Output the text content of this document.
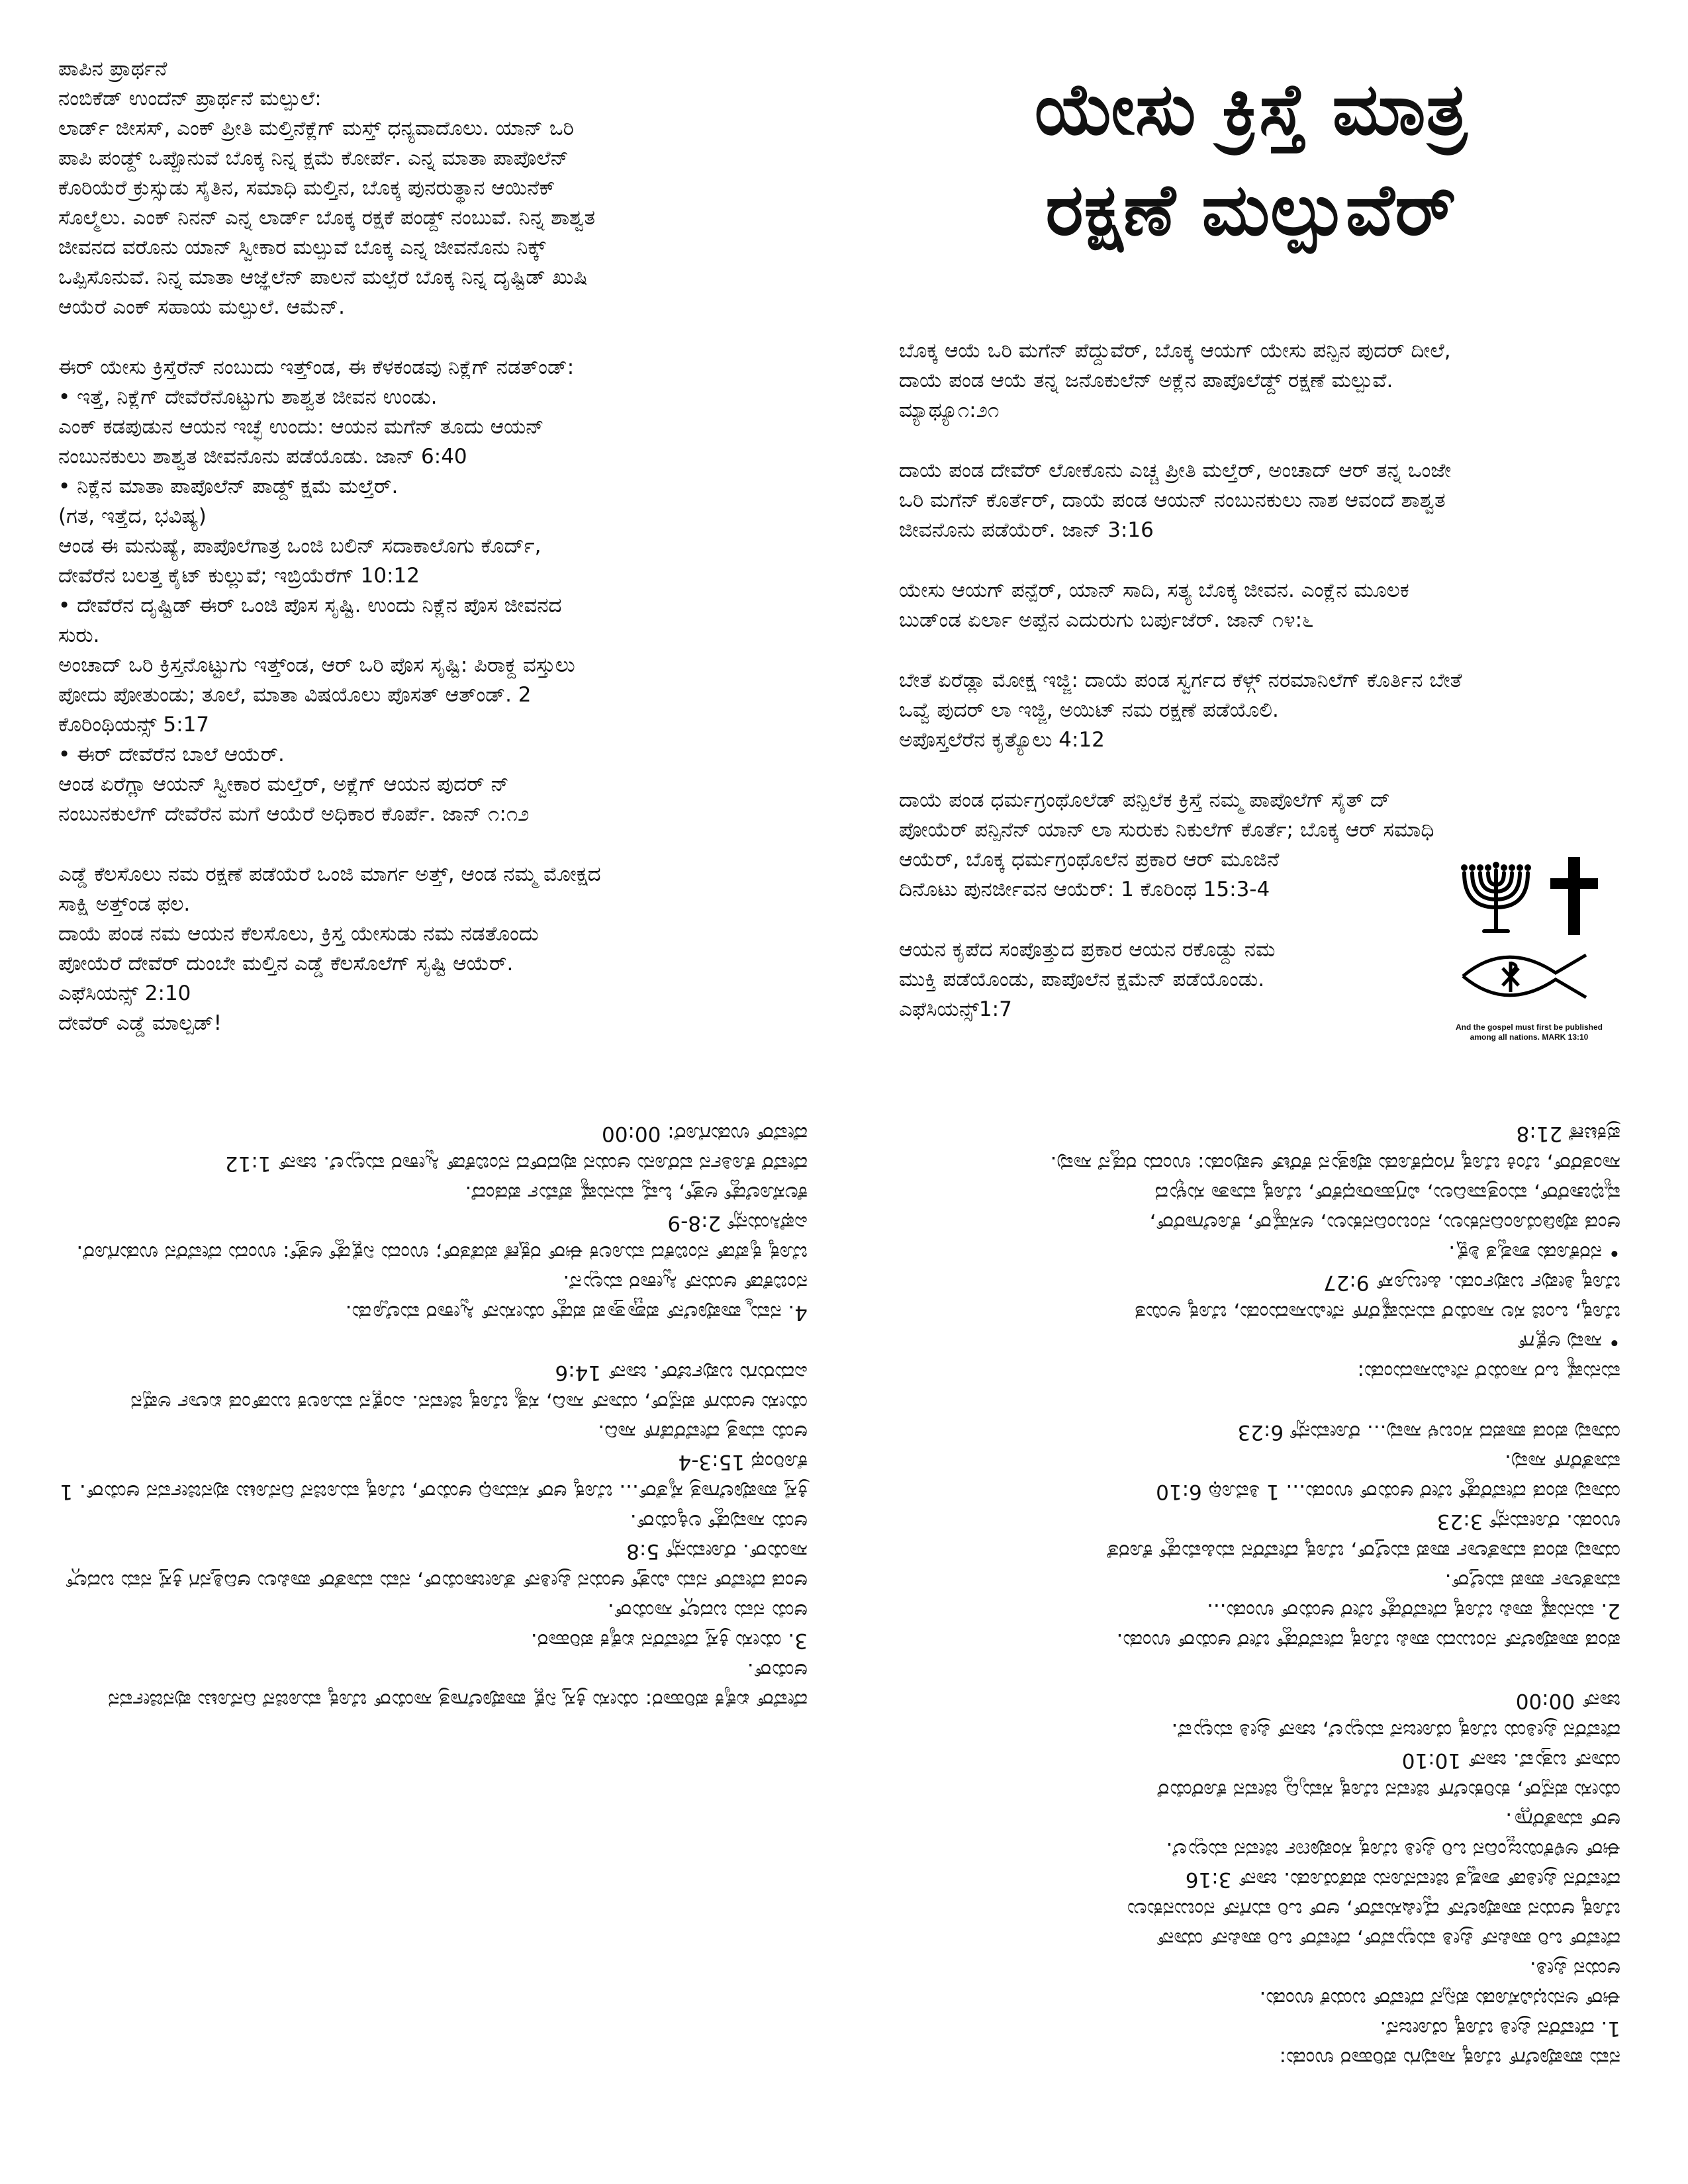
ಪಾಪಿನ ಪ್ರಾರ್ಥನೆ
ನಂಬಿಕೆಡ್ ಉಂದೆನ್ ಪ್ರಾರ್ಥನೆ ಮಲ್ಪುಲೆ:
ಲಾರ್ಡ್ ಜೀಸಸ್, ಎಂಕ್ ಪ್ರೀತಿ ಮಲ್ತಿನೆಕ್ಲೆಗ್ ಮಸ್ತ್ ಧನ್ಯವಾದೊಲು. ಯಾನ್ ಒರಿ
ಪಾಪಿ ಪಂಡ್ದ್ ಒಪ್ಪೊನುವೆ ಬೊಕ್ಕ ನಿನ್ನ ಕ್ಷಮೆ ಕೋರ್ಪೆ. ಎನ್ನ ಮಾತಾ ಪಾಪೊಲೆನ್
ಕೊರಿಯೆರೆ ಕ್ರುಸ್ಸುಡು ಸೈತಿನ, ಸಮಾಧಿ ಮಲ್ತಿನ, ಬೊಕ್ಕ ಪುನರುತ್ಥಾನ ಆಯಿನೆಕ್
ಸೊಲ್ಮೆಲು. ಎಂಕ್ ನಿನನ್ ಎನ್ನ ಲಾರ್ಡ್ ಬೊಕ್ಕ ರಕ್ಷಕೆ ಪಂಡ್ದ್ ನಂಬುವೆ. ನಿನ್ನ ಶಾಶ್ವತ
ಜೀವನದ ವರೊನು ಯಾನ್ ಸ್ವೀಕಾರ ಮಲ್ಪುವೆ ಬೊಕ್ಕ ಎನ್ನ ಜೀವನೊನು ನಿಕ್ಕ್
ಒಪ್ಪಿಸೊನುವೆ. ನಿನ್ನ ಮಾತಾ ಆಜ್ಞೆಲೆನ್ ಪಾಲನೆ ಮಲ್ಪೆರೆ ಬೊಕ್ಕ ನಿನ್ನ ದೃಷ್ಟಿಡ್ ಖುಷಿ
ಆಯೆರೆ ಎಂಕ್ ಸಹಾಯ ಮಲ್ಪುಲೆ. ಆಮೆನ್.

ಈರ್ ಯೇಸು ಕ್ರಿಸ್ತೆರೆನ್ ನಂಬುದು ಇತ್ತ್‌ಂಡ, ಈ ಕೆಳಕಂಡವು ನಿಕ್ಲೆಗ್ ನಡತ್‌ಂಡ್:
• ಇತ್ತೆ, ನಿಕ್ಲೆಗ್ ದೇವೆರೆನೊಟ್ಟುಗು ಶಾಶ್ವತ ಜೀವನ ಉಂಡು.
ಎಂಕ್ ಕಡಪುಡುನ ಆಯನ ಇಚ್ಛೆ ಉಂದು: ಆಯನ ಮಗೆನ್ ತೂದು ಆಯನ್
ನಂಬುನಕುಲು ಶಾಶ್ವತ ಜೀವನೊನು ಪಡೆಯೊಡು. ಜಾನ್ 6:40
• ನಿಕ್ಲೆನ ಮಾತಾ ಪಾಪೊಲೆನ್ ಪಾಡ್ದ್ ಕ್ಷಮೆ ಮಲ್ತೆರ್.
(ಗತ, ಇತ್ತೆದ, ಭವಿಷ್ಯ)
ಆಂಡ ಈ ಮನುಷ್ಯೆ, ಪಾಪೊಲೆಗಾತ್ರ ಒಂಜಿ ಬಲಿನ್ ಸದಾಕಾಲೊಗು ಕೊರ್ದ್,
ದೇವೆರೆನ ಬಲತ್ತ ಕೈಟ್ ಕುಲ್ಲುವೆ; ಇಬ್ರಿಯೆರೆಗ್ 10:12
• ದೇವೆರೆನ ದೃಷ್ಟಿಡ್ ಈರ್ ಒಂಜಿ ಪೊಸ ಸೃಷ್ಟಿ. ಉಂದು ನಿಕ್ಲೆನ ಪೊಸ ಜೀವನದ
ಸುರು.
ಅಂಚಾದ್ ಒರಿ ಕ್ರಿಸ್ತನೊಟ್ಟುಗು ಇತ್ತ್‌ಂಡ, ಆರ್ ಒರಿ ಪೊಸ ಸೃಷ್ಟಿ: ಪಿರಾಕ್ದ ವಸ್ತುಲು
ಪೋದು ಪೋತುಂಡು; ತೂಲೆ, ಮಾತಾ ವಿಷಯೊಲು ಪೊಸತ್ ಆತ್‌ಂಡ್. 2
ಕೊರಿಂಥಿಯನ್ಸ್ 5:17
• ಈರ್ ದೇವೆರೆನ ಬಾಲೆ ಆಯೆರ್.
ಆಂಡ ಏರೆಗ್ಲಾ ಆಯನ್ ಸ್ವೀಕಾರ ಮಲ್ತೆರ್, ಅಕ್ಲೆಗ್ ಆಯನ ಪುದರ್ ನ್
ನಂಬುನಕುಲೆಗ್ ದೇವೆರೆನ ಮಗೆ ಆಯೆರೆ ಅಧಿಕಾರ ಕೊರ್ಪೆ. ಜಾನ್ ೧:೧೨

ಎಡ್ಡೆ ಕೆಲಸೊಲು ನಮ ರಕ್ಷಣೆ ಪಡೆಯೆರೆ ಒಂಜಿ ಮಾರ್ಗ ಅತ್ತ್, ಆಂಡ ನಮ್ಮ ಮೋಕ್ಷದ
ಸಾಕ್ಷಿ ಅತ್ತ್‌ಂಡ ಫಲ.
ದಾಯೆ ಪಂಡ ನಮ ಆಯನ ಕೆಲಸೊಲು, ಕ್ರಿಸ್ತ ಯೇಸುಡು ನಮ ನಡತೊಂದು
ಪೋಯೆರೆ ದೇವೆರ್ ದುಂಬೇ ಮಲ್ತಿನ ಎಡ್ಡೆ ಕೆಲಸೊಲೆಗ್ ಸೃಷ್ಟಿ ಆಯೆರ್.
ಎಫೆಸಿಯನ್ಸ್ 2:10
ದೇವೆರ್ ಎಡ್ಡೆ ಮಾಲ್ಪಡ್!

ಯೇಸು ಕ್ರಿಸ್ತೆ ಮಾತ್ರ
ರಕ್ಷಣೆ ಮಲ್ಪುವೆರ್

ಬೊಕ್ಕ ಆಯೆ ಒರಿ ಮಗೆನ್ ಪೆದ್ದುವೆರ್, ಬೊಕ್ಕ ಆಯಗ್ ಯೇಸು ಪನ್ಪಿನ ಪುದರ್ ದೀಲೆ,
ದಾಯೆ ಪಂಡ ಆಯೆ ತನ್ನ ಜನೊಕುಲೆನ್ ಅಕ್ಲೆನ ಪಾಪೊಲೆಡ್ದ್ ರಕ್ಷಣೆ ಮಲ್ಪುವೆ.
ಮ್ಯಾಥ್ಯೂ೧:೨೧

ದಾಯೆ ಪಂಡ ದೇವೆರ್ ಲೋಕೊನು ಎಚ್ಚ ಪ್ರೀತಿ ಮಲ್ತೆರ್, ಅಂಚಾದ್ ಆರ್ ತನ್ನ ಒಂಜೇ
ಒರಿ ಮಗೆನ್ ಕೊರ್ತೆರ್, ದಾಯೆ ಪಂಡ ಆಯನ್ ನಂಬುನಕುಲು ನಾಶ ಆವಂದೆ ಶಾಶ್ವತ
ಜೀವನೊನು ಪಡೆಯೆರ್. ಜಾನ್ 3:16

ಯೇಸು ಆಯಗ್ ಪನ್ಪೆರ್, ಯಾನ್ ಸಾದಿ, ಸತ್ಯ ಬೊಕ್ಕ ಜೀವನ. ಎಂಕ್ಲೆನ ಮೂಲಕ
ಬುಡ್ಂಡ ಏರ್ಲಾ ಅಪ್ಪೆನ ಎದುರುಗು ಬರ್ಪುಜೆರ್. ಜಾನ್ ೧೪:೬

ಬೇತೆ ಏರೆಡ್ಲಾ ಮೋಕ್ಷ ಇಜ್ಜಿ: ದಾಯೆ ಪಂಡ ಸ್ವರ್ಗದ ಕೆಳ್ಗ್ ನರಮಾನಿಲೆಗ್ ಕೊರ್ತಿನ ಬೇತೆ
ಒವ್ವೆ ಪುದರ್ ಲಾ ಇಜ್ಜಿ, ಅಯಿಟ್ ನಮ ರಕ್ಷಣೆ ಪಡೆಯೊಲಿ.
ಅಪೊಸ್ತಲೆರೆನ ಕೃತ್ಯೊಲು 4:12

ದಾಯೆ ಪಂಡ ಧರ್ಮಗ್ರಂಥೊಲೆಡ್ ಪನ್ಪಿಲೆಕ ಕ್ರಿಸ್ತೆ ನಮ್ಮ ಪಾಪೊಲೆಗ್ ಸೈತ್ ದ್
ಪೋಯೆರ್ ಪನ್ಪಿನೆನ್ ಯಾನ್ ಲಾ ಸುರುಕು ನಿಕುಲೆಗ್ ಕೊರ್ತೆ; ಬೊಕ್ಕ ಆರ್ ಸಮಾಧಿ
ಆಯೆರ್, ಬೊಕ್ಕ ಧರ್ಮಗ್ರಂಥೊಲೆನ ಪ್ರಕಾರ ಆರ್ ಮೂಜಿನೆ
ದಿನೊಟು ಪುನರ್ಜೀವನ ಆಯೆರ್: 1 ಕೊರಿಂಥ 15:3-4

ಆಯನ ಕೃಪೆದ ಸಂಪೊತ್ತುದ ಪ್ರಕಾರ ಆಯನ ರಕೊಡ್ದು ನಮ
ಮುಕ್ತಿ ಪಡೆಯೊಂಡು, ಪಾಪೊಲೆನ ಕ್ಷಮೆನ್ ಪಡೆಯೊಂಡು.
ಎಫೆಸಿಯನ್ಸ್1:7

And the gospel must first be published
among all nations. MARK 13:10

ನಮ ಪಾಪೊಲೆಗ್ ಬೊಕ್ಕ ಸಾವುಗು ಪರಿಹಾರ ಉಂಡು:
1. ದೇವೆರೆನ ಪ್ರೀತಿ ಬೊಕ್ಕ ಯೋಜನೆ.
ಈರ್ ಅನುಭವಿಸೊಡು ಪನ್ಪಿನೆ ದೇವೆರ್ ಬಯಕೆ ಉಂಡು.
ಆಯನ ಪ್ರೀತಿ.
ದೇವೆರ್ ಒರಿ ಪಾಪಿನ್ ಪ್ರೀತಿ ಮಲ್ಪುವೆರ್, ದೇವೆರ್ ಒರಿ ಪಾಪಿನ್ ಯಾನ್
ಬೊಕ್ಕ ಆಯನ ಪಾಪೊಲೆನ್ ದ್ವೇಷಿಸುವೆರ್, ಆರ್ ಒರಿ ಮಗೆನ್ ನಂಬುನಕುಲು
ದೇವೆರೆನ ಪ್ರೀತಿಡ್ ಶಾಶ್ವತ ಜೀವನೊನು ಪಡೆಯೊಡು. ಜಾನ್ 3:16
ಈರ್ ಅಳಿಕೆಯಿಜ್ಜಂದಿನ ಒರಿ ಪ್ರೀತಿ ಬೊಕ್ಕ ಸಂಪೂರ್ಣ ಜೀವನ ಮಲ್ಪುಲೆ.
ಆರ್ ಮಾತೆರೆಗ್ಲಾ.
ಯೇಸು ಪನ್ಪೆರ್, ಕುರಿಕುಲೆಗ್ ಜೀವನ ಬೊಕ್ಕ ಸಮೃದ್ಧಿ ಜೀವನ ಕೊರೆಯೆರೆ
ಯಾನ್ ಬತ್ತುವೆ. ಜಾನ್ 10:10
ದೇವೆರೆನ ಪ್ರೀತಿಯ ಬೊಕ್ಕ ಯೋಜನೆ ಮಲ್ಪುಲೆ, ಜಾನ್ ಪ್ರೀತಿ ಮಲ್ಪುವೆ.
ಜಾನ್ 00:00

ಪಂಡ ಪಾಪೊಲೆನ್ ನಂಬುದು ಪಾಪಿ ಬೊಕ್ಕ ದೇವೆರೆಡ್ದ್ ಬೇರೆ ಆಯೆರ್ ಉಂಡು.
2. ಮನುಷ್ಯೆ ಪಾಪಿ ಬೊಕ್ಕ ದೇವೆರೆಡ್ದ್ ಬೇರೆ ಆಯೆರ್ ಉಂಡು...
ಮಾತೆರ್ಲಾ ಪಾಪ ಮಲ್ತೆರ್.
ಯಾವು ಪಂಡ ಮಾತೆರ್ಲಾ ಪಾಪ ಮಲ್ತೆರ್, ಬೊಕ್ಕ ದೇವೆರೆನ ಮಹಿಮೆಡ್ದ್ ಕೊರತೆ
ಉಂಡು. ರೋಮನ್ಸ್ 3:23
ಯಾವು ಪಂಡ ದೇವೆರೆಡ್ದ್ ಬೇರೆ ಆಯೆರ್ ಉಂಡು... 1 ತಿಮೊಥಿ 6:10
ಮಾತೆರೆಗ್ ಸಾವು.
ಯಾವು ಪಂಡ ಪಾಪದ ಸಂಬಳ ಸಾವು... ರೋಮನ್ಸ್ 6:23

ಮನುಷ್ಯೆ ಒರ ಸಾಯೆರೆ ನೇಮಿಸಾದುಂಡು:
• ಸಾವು ಅಕ್ಲೆಗ್
ಬೊಕ್ಕ, ಒಂಜಿ ಸಲ ಸಾಯೆರೆ ಮನುಷ್ಯೆರೆಗ್ ನೇಮಿಸಾದುಂಡು, ಬೊಕ್ಕ ಅಯಿತ
ಬೊಕ್ಕ ತೀರ್ಪು ಬರ್ಪುಂಡು. ಹೀಬ್ರೂಸ್ 9:27
• ನರಕೊಡು ಶಾಶ್ವತ ಶಿಕ್ಷೆ.
ಆಂಡ ಪೊಡಿಯೊಂದಿನಕುಲು, ನಂಬಂದಿನಕುಲು, ಅಸಹ್ಯೆರ್, ಕೊಲೆಗಾರೆರ್,
ವ್ಯಭಿಚಾರೆರ್, ಮಂತ್ರವಾದಿಲು, ವಿಗ್ರಹಾರಾಧಕೆರ್, ಬೊಕ್ಕ ಮಾತಾ ಸುಳ್ಳುದ
ಸಾಂತರೆರ್, ಬೆಂಕಿ ಬೊಕ್ಕ ಗಂಧಕೊಡು ಪೊತ್ತುನ ಕೆರೆಟ್ ಆಪುಂಡು: ಉಂದು ರಡ್ಡನೆ ಸಾವು.
ಪ್ರಕಟಣೆ 21:8

ದೇವೆರ್ ಏಕೈಕ ಪರಿಹಾರ: ಯೇಸು ಕ್ರಿಸ್ತ ನಿಕ್ಲೆ ಪಾಪೊಲೆಗಾತ್ರ ಸಾಯೆರ್ ಬೊಕ್ಕ ಮೂಜಿನೆ ದಿನೊಟು ಪುನರ್ಜೀವನ ಆಯೆರ್.
3. ಯೇಸು ಕ್ರಿಸ್ತೆ ದೇವೆರೆನ ಏಕೈಕ ಪರಿಹಾರ.
ಆಯೆ ನಮ ಬದಲ್ಗ್ ಸಾಯೆರ್.
ಆಂಡ ದೇವೆರ್ ನಮ ಮಿತ್ತ್ ಆಯನ ಪ್ರೀತಿನ್ ತೋಜಾಯೆರ್, ನಮ ಮಾತೆರ್ ಪಾಪಿಲು ಆದಿತ್ತಿನಗ ಕ್ರಿಸ್ತೆ ನಮ ಬದಲ್ಗ್ ಸಾಯೆರ್. ರೋಮನ್ಸ್ 5:8
ಆಯೆ ಸಾವುಡ್ದ್ ಲಕ್ಕಿಯೆರ್.
ಕ್ರಿಸ್ತೆ ಪಾಪೊಲೆಗಾತ್ರ ಸೈತೆರ್... ಬೊಕ್ಕ ಆರ್ ಸಮಾಧಿ ಆಯೆರ್, ಬೊಕ್ಕ ಮೂಜಿನೆ ದಿನೊಟು ಪುನರ್ಜೀವನ ಆಯೆರ್. 1 ಕೊರಿಂಥ 15:3-4
ಆಯೆ ಮಾತ್ರ ದೇವೆರೆಡೆಗ್ ಸಾದಿ.
ಯೇಸು ಆಯಗ್ ಪನ್ಪೆರ್, ಯಾನ್ ಸಾದಿ, ಸತ್ಯ ಬೊಕ್ಕ ಜೀವನ. ಎಂಕ್ಲೆನ ಮೂಲಕ ಬುಡ್ಂಡ ಏರ್ಲಾ ಅಪ್ಪೆನ ಎದುರುಗು ಬರ್ಪುಜೆರ್. ಜಾನ್ 14:6

4. ನಮ್ಮ ಪಾಪೊಲೆನ್ ಪಶ್ಚಾತ್ತಾಪ ಪಡ್ದ್ ಯೇಸುನ್ ಸ್ವೀಕಾರ ಮಲ್ಪೊಡು.
ನಂಬಿಕೆಡ್ ಆಯನ್ ಸ್ವೀಕಾರ ಮಲ್ಪುನೆ.
ಬೊಕ್ಕ ಕೃಪೆಡ್ ನಂಬಿಕೆದ ಮೂಲಕ ಈರ್ ರಕ್ಷಣೆ ಪಡೆತರ್; ಉಂದು ನಿಕ್ಲೆಡ್ದ್ ಅತ್ತ್: ಉಂದು ದೇವೆರೆನ ಉಡುಗೊರೆ. ಎಫೆಸಿಯನ್ಸ್ 2:8-9
ಕೆಲಸೊಲೆಡ್ದ್ ಅತ್ತ್, ಓವ್ವೆ ಮನುಷ್ಯೆ ಪೆರ್ಮೆ ಪಡಂದೆ.
ದೇವೆರೆ ಕೊರ್ತಿನ ವರೊನು ಆಯನ ಪುದರ್‌ದ ನಂಬಿಕೆಡ್ ಸ್ವೀಕಾರ ಮಲ್ಪುಲೆ. ಜಾನ್ 1:12
ದೇವೆರ್ ಉಡುಗೊರೆ: 00:00
